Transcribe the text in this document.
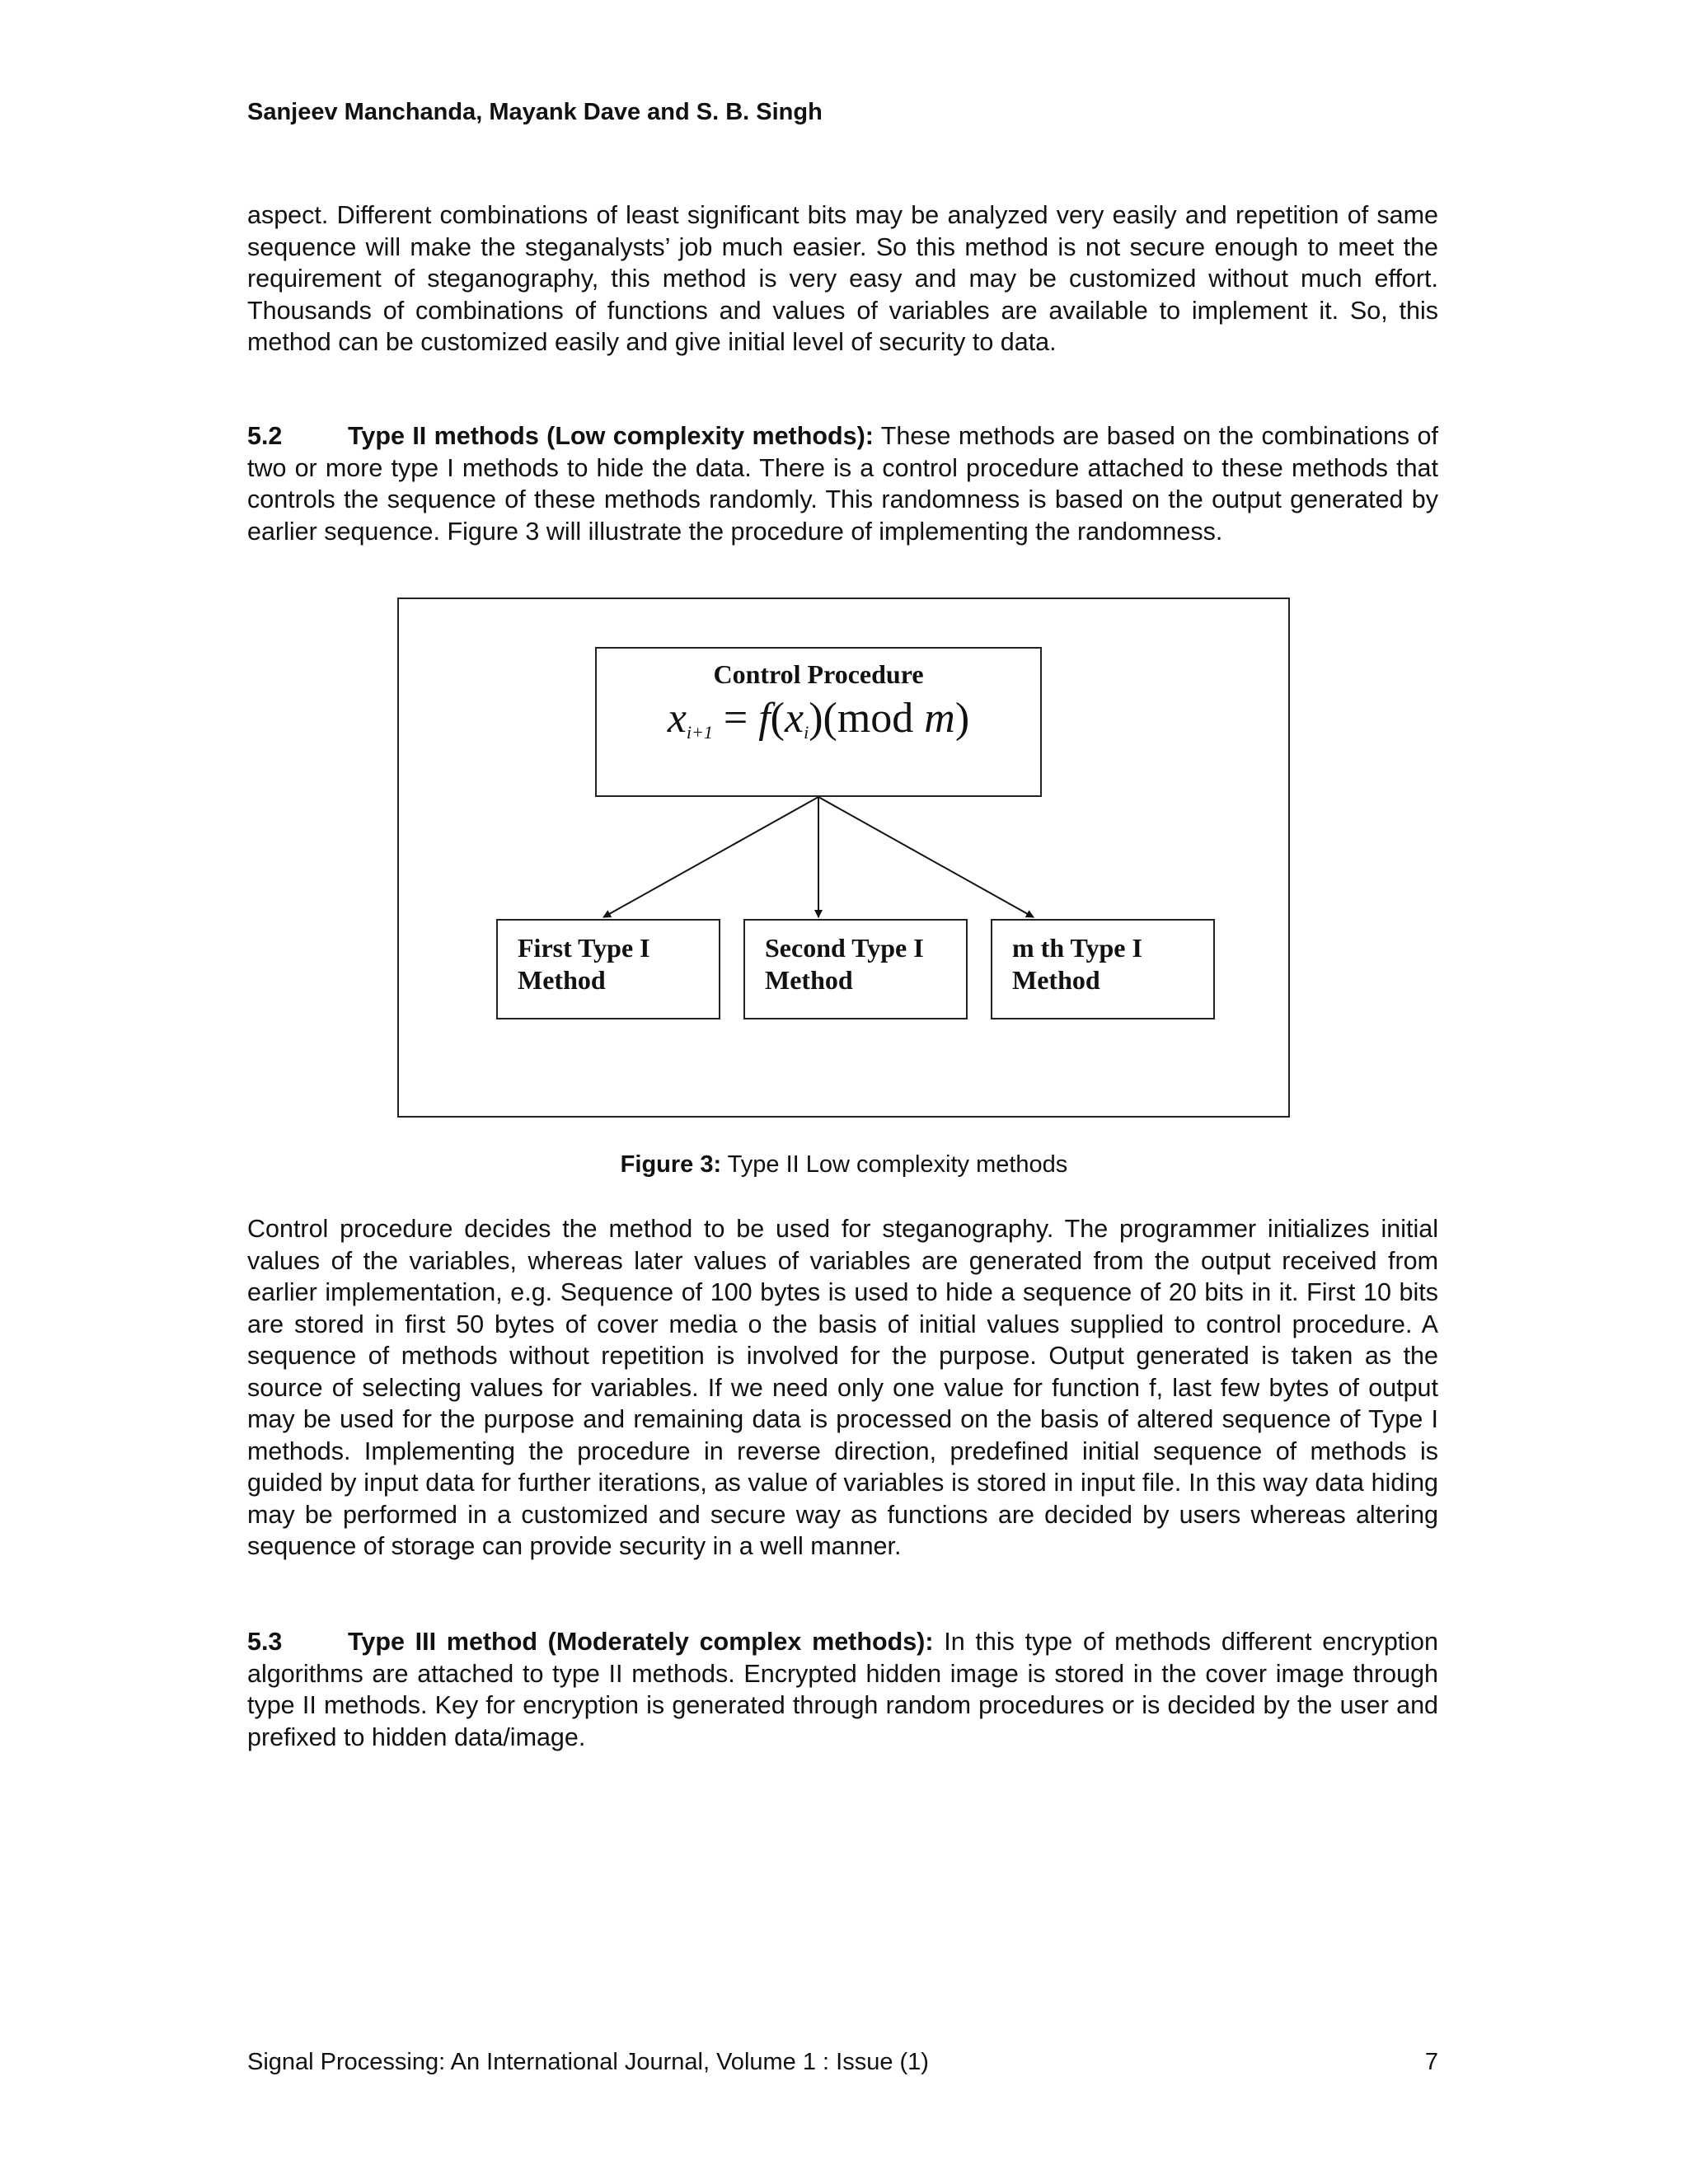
Sanjeev Manchanda, Mayank Dave and S. B. Singh
aspect. Different combinations of least significant bits may be analyzed very easily and repetition of same sequence will make the steganalysts’ job much easier. So this method is not secure enough to meet the requirement of steganography, this method is very easy and may be customized without much effort. Thousands of combinations of functions and values of variables are available to implement it. So, this method can be customized easily and give initial level of security to data.
5.2	Type II methods (Low complexity methods): These methods are based on the combinations of two or more type I methods to hide the data. There is a control procedure attached to these methods that controls the sequence of these methods randomly. This randomness is based on the output generated by earlier sequence. Figure 3 will illustrate the procedure of implementing the randomness.
Control Procedure
$x_{i+1} = f(x_i)(mod$ m)
First Type I
Method
Second Type I
Method
m th Type I
Method
Figure 3: Type II Low complexity methods
Control procedure decides the method to be used for steganography. The programmer initializes initial values of the variables, whereas later values of variables are generated from the output received from earlier implementation, e.g. Sequence of 100 bytes is used to hide a sequence of 20 bits in it. First 10 bits are stored in first 50 bytes of cover media o the basis of initial values supplied to control procedure. A sequence of methods without repetition is involved for the purpose. Output generated is taken as the source of selecting values for variables. If we need only one value for function f, last few bytes of output may be used for the purpose and remaining data is processed on the basis of altered sequence of Type I methods. Implementing the procedure in reverse direction, predefined initial sequence of methods is guided by input data for further iterations, as value of variables is stored in input file. In this way data hiding may be performed in a customized and secure way as functions are decided by users whereas altering sequence of storage can provide security in a well manner.
5.3	Type III method (Moderately complex methods): In this type of methods different encryption algorithms are attached to type II methods. Encrypted hidden image is stored in the cover image through type II methods. Key for encryption is generated through random procedures or is decided by the user and prefixed to hidden data/image.
Signal Processing: An International Journal, Volume 1 : Issue (1)	7
